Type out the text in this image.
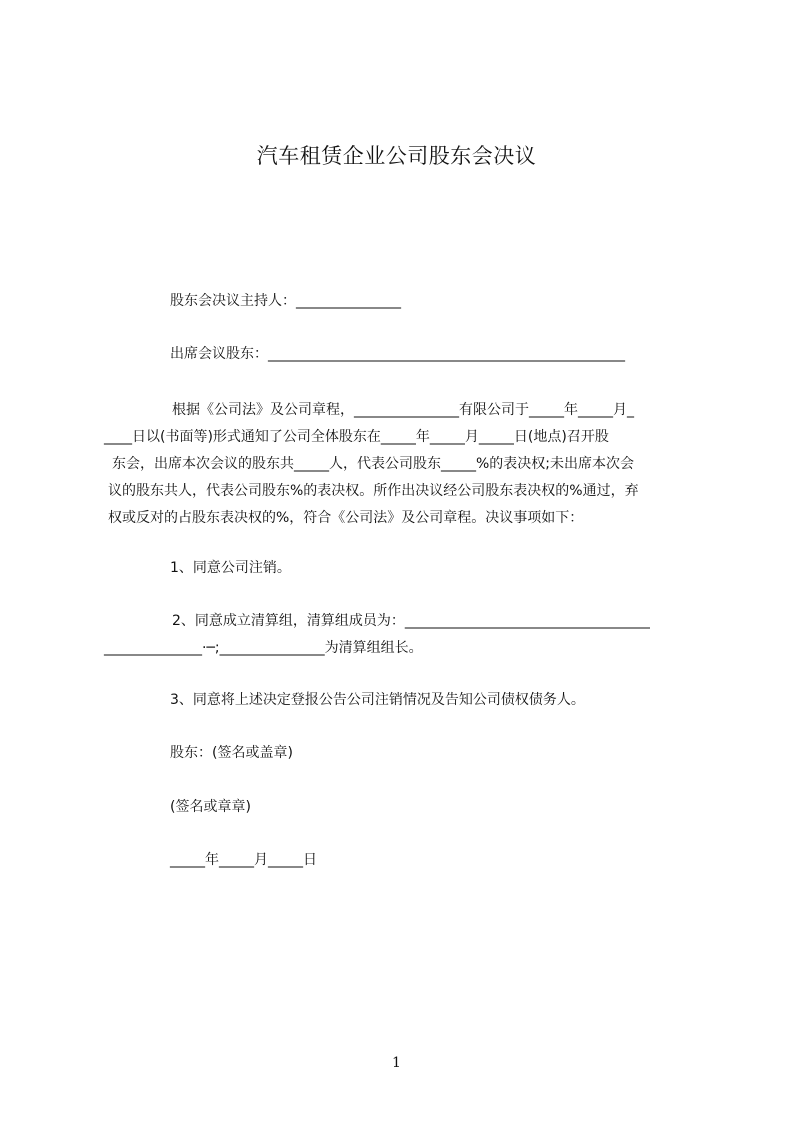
汽车租赁企业公司股东会决议
股东会决议主持人：_______________
出席会议股东：___________________________________________________
根据《公司法》及公司章程，_______________有限公司于_____年_____月_
____日以(书面等)形式通知了公司全体股东在_____年_____月_____日(地点)召开股
东会，出席本次会议的股东共_____人，代表公司股东_____%的表决权;未出席本次会
议的股东共人，代表公司股东%的表决权。所作出决议经公司股东表决权的%通过，弃
权或反对的占股东表决权的%，符合《公司法》及公司章程。决议事项如下：
1、同意公司注销。
2、同意成立清算组，清算组成员为：___________________________________
______________·─;_______________为清算组组长。
3、同意将上述决定登报公告公司注销情况及告知公司债权债务人。
股东：(签名或盖章)
(签名或章章)
_____年_____月_____日
1
